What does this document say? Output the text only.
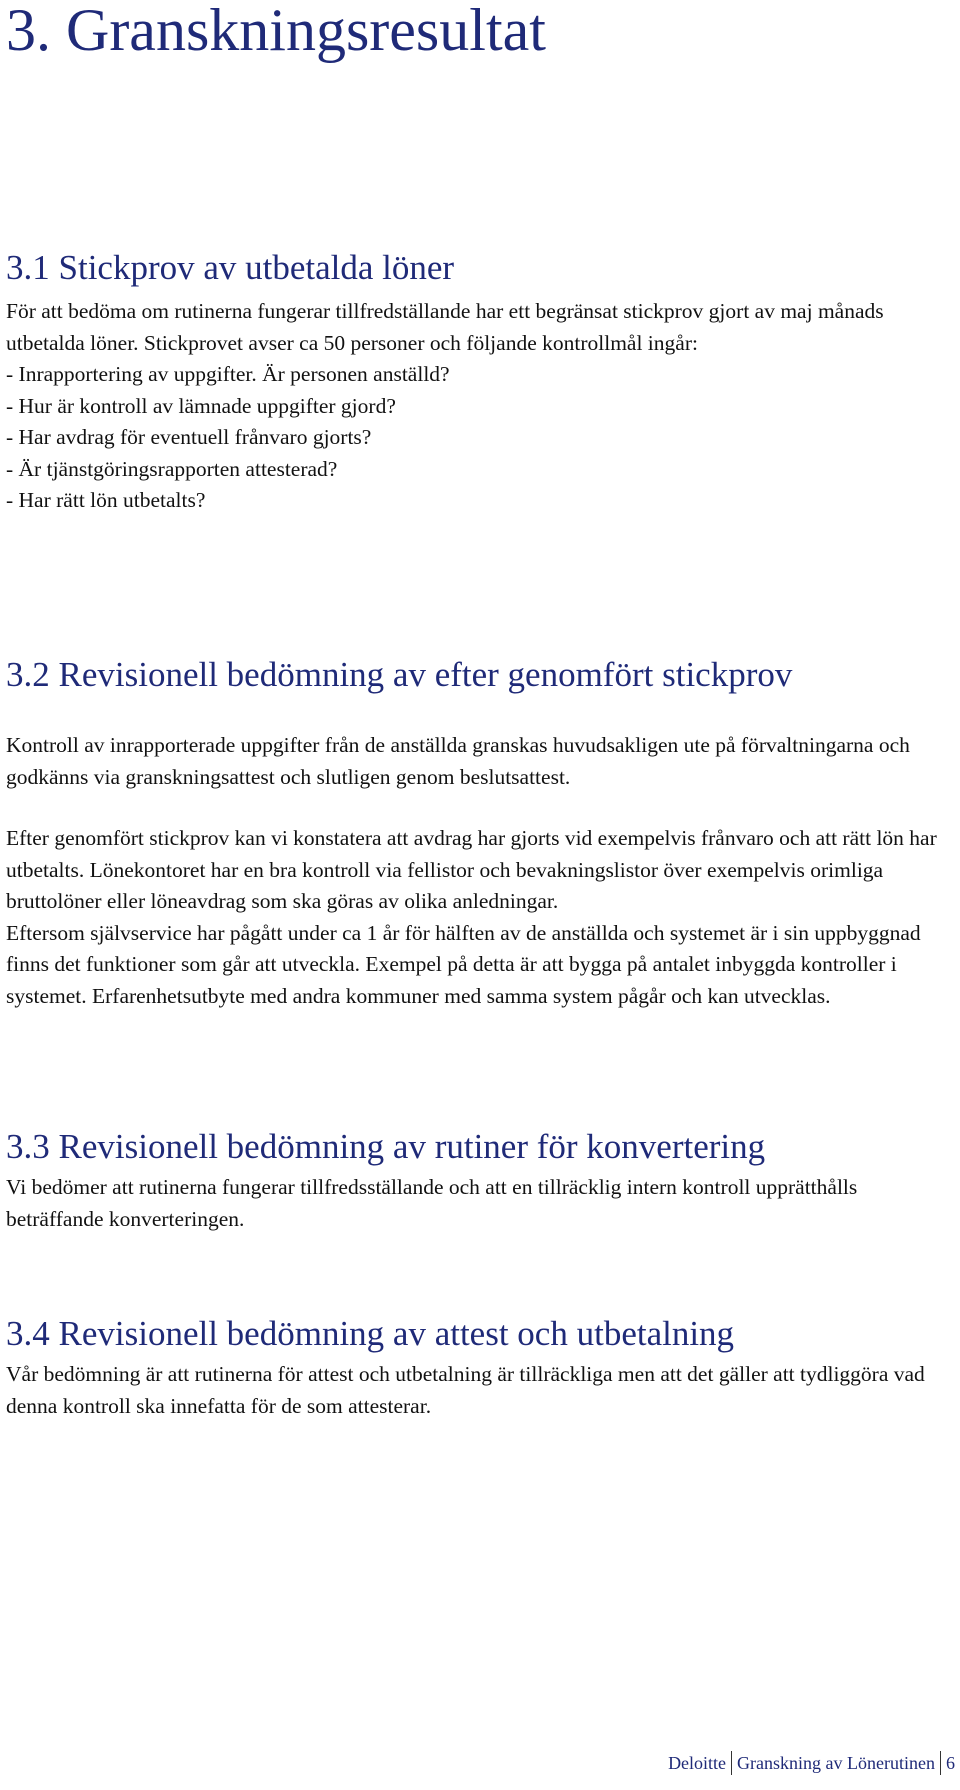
3. Granskningsresultat
3.1 Stickprov av utbetalda löner

För att bedöma om rutinerna fungerar tillfredställande har ett begränsat stickprov gjort av maj månads utbetalda löner. Stickprovet avser ca 50 personer och följande kontrollmål ingår:

- Inrapportering av uppgifter. Är personen anställd?
- Hur är kontroll av lämnade uppgifter gjord?
- Har avdrag för eventuell frånvaro gjorts?
- Är tjänstgöringsrapporten attesterad?
- Har rätt lön utbetalts?
3.2 Revisionell bedömning av efter genomfört stickprov

Kontroll av inrapporterade uppgifter från de anställda granskas huvudsakligen ute på förvaltningarna och godkänns via granskningsattest och slutligen genom beslutsattest.

Efter genomfört stickprov kan vi konstatera att avdrag har gjorts vid exempelvis frånvaro och att rätt lön har utbetalts. Lönekontoret har en bra kontroll via fellistor och bevakningslistor över exempelvis orimliga bruttolöner eller löneavdrag som ska göras av olika anledningar.

Eftersom självservice har pågått under ca 1 år för hälften av de anställda och systemet är i sin uppbyggnad finns det funktioner som går att utveckla. Exempel på detta är att bygga på antalet inbyggda kontroller i systemet. Erfarenhetsutbyte med andra kommuner med samma system pågår och kan utvecklas.

3.3 Revisionell bedömning av rutiner för konvertering

Vi bedömer att rutinerna fungerar tillfredsställande och att en tillräcklig intern kontroll upprätthålls beträffande konverteringen.

3.4 Revisionell bedömning av attest och utbetalning

Vår bedömning är att rutinerna för attest och utbetalning är tillräckliga men att det gäller att tydliggöra vad denna kontroll ska innefatta för de som attesterar.

Deloitte Granskning av Lönerutinen 6
